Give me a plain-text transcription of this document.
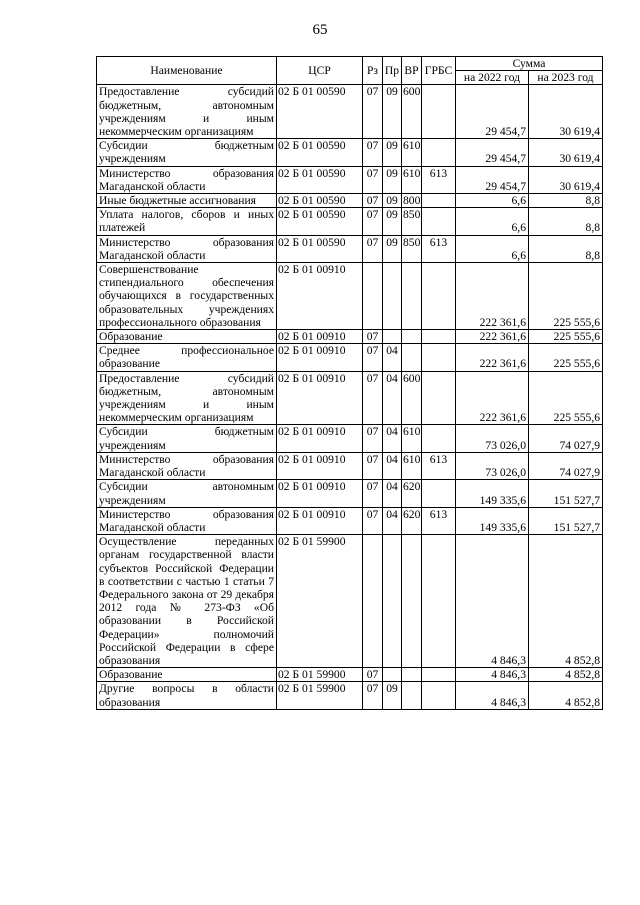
65
Наименование	ЦСР	Рз	Пр	ВР	ГРБС	Сумма	
						на 2022 год	на 2023 год
Предоставление субсидий бюджетным, автономным учреждениям и иным некоммерческим организациям	02 Б 01 00590	07	09	600		29 454,7	30 619,4
Субсидии бюджетным учреждениям	02 Б 01 00590	07	09	610		29 454,7	30 619,4
Министерство образования Магаданской области	02 Б 01 00590	07	09	610	613	29 454,7	30 619,4
Иные бюджетные ассигнования	02 Б 01 00590	07	09	800		6,6	8,8
Уплата налогов, сборов и иных платежей	02 Б 01 00590	07	09	850		6,6	8,8
Министерство образования Магаданской области	02 Б 01 00590	07	09	850	613	6,6	8,8
Совершенствование стипендиального обеспечения обучающихся в государственных образовательных учреждениях профессионального образования	02 Б 01 00910					222 361,6	225 555,6
Образование	02 Б 01 00910	07				222 361,6	225 555,6
Среднее профессиональное образование	02 Б 01 00910	07	04			222 361,6	225 555,6
Предоставление субсидий бюджетным, автономным учреждениям и иным некоммерческим организациям	02 Б 01 00910	07	04	600		222 361,6	225 555,6
Субсидии бюджетным учреждениям	02 Б 01 00910	07	04	610		73 026,0	74 027,9
Министерство образования Магаданской области	02 Б 01 00910	07	04	610	613	73 026,0	74 027,9
Субсидии автономным учреждениям	02 Б 01 00910	07	04	620		149 335,6	151 527,7
Министерство образования Магаданской области	02 Б 01 00910	07	04	620	613	149 335,6	151 527,7
Осуществление переданных органам государственной власти субъектов Российской Федерации в соответствии с частью 1 статьи 7 Федерального закона от 29 декабря 2012 года № 273-ФЗ «Об образовании в Российской Федерации» полномочий Российской Федерации в сфере образования	02 Б 01 59900					4 846,3	4 852,8
Образование	02 Б 01 59900	07				4 846,3	4 852,8
Другие вопросы в области образования	02 Б 01 59900	07	09			4 846,3	4 852,8
